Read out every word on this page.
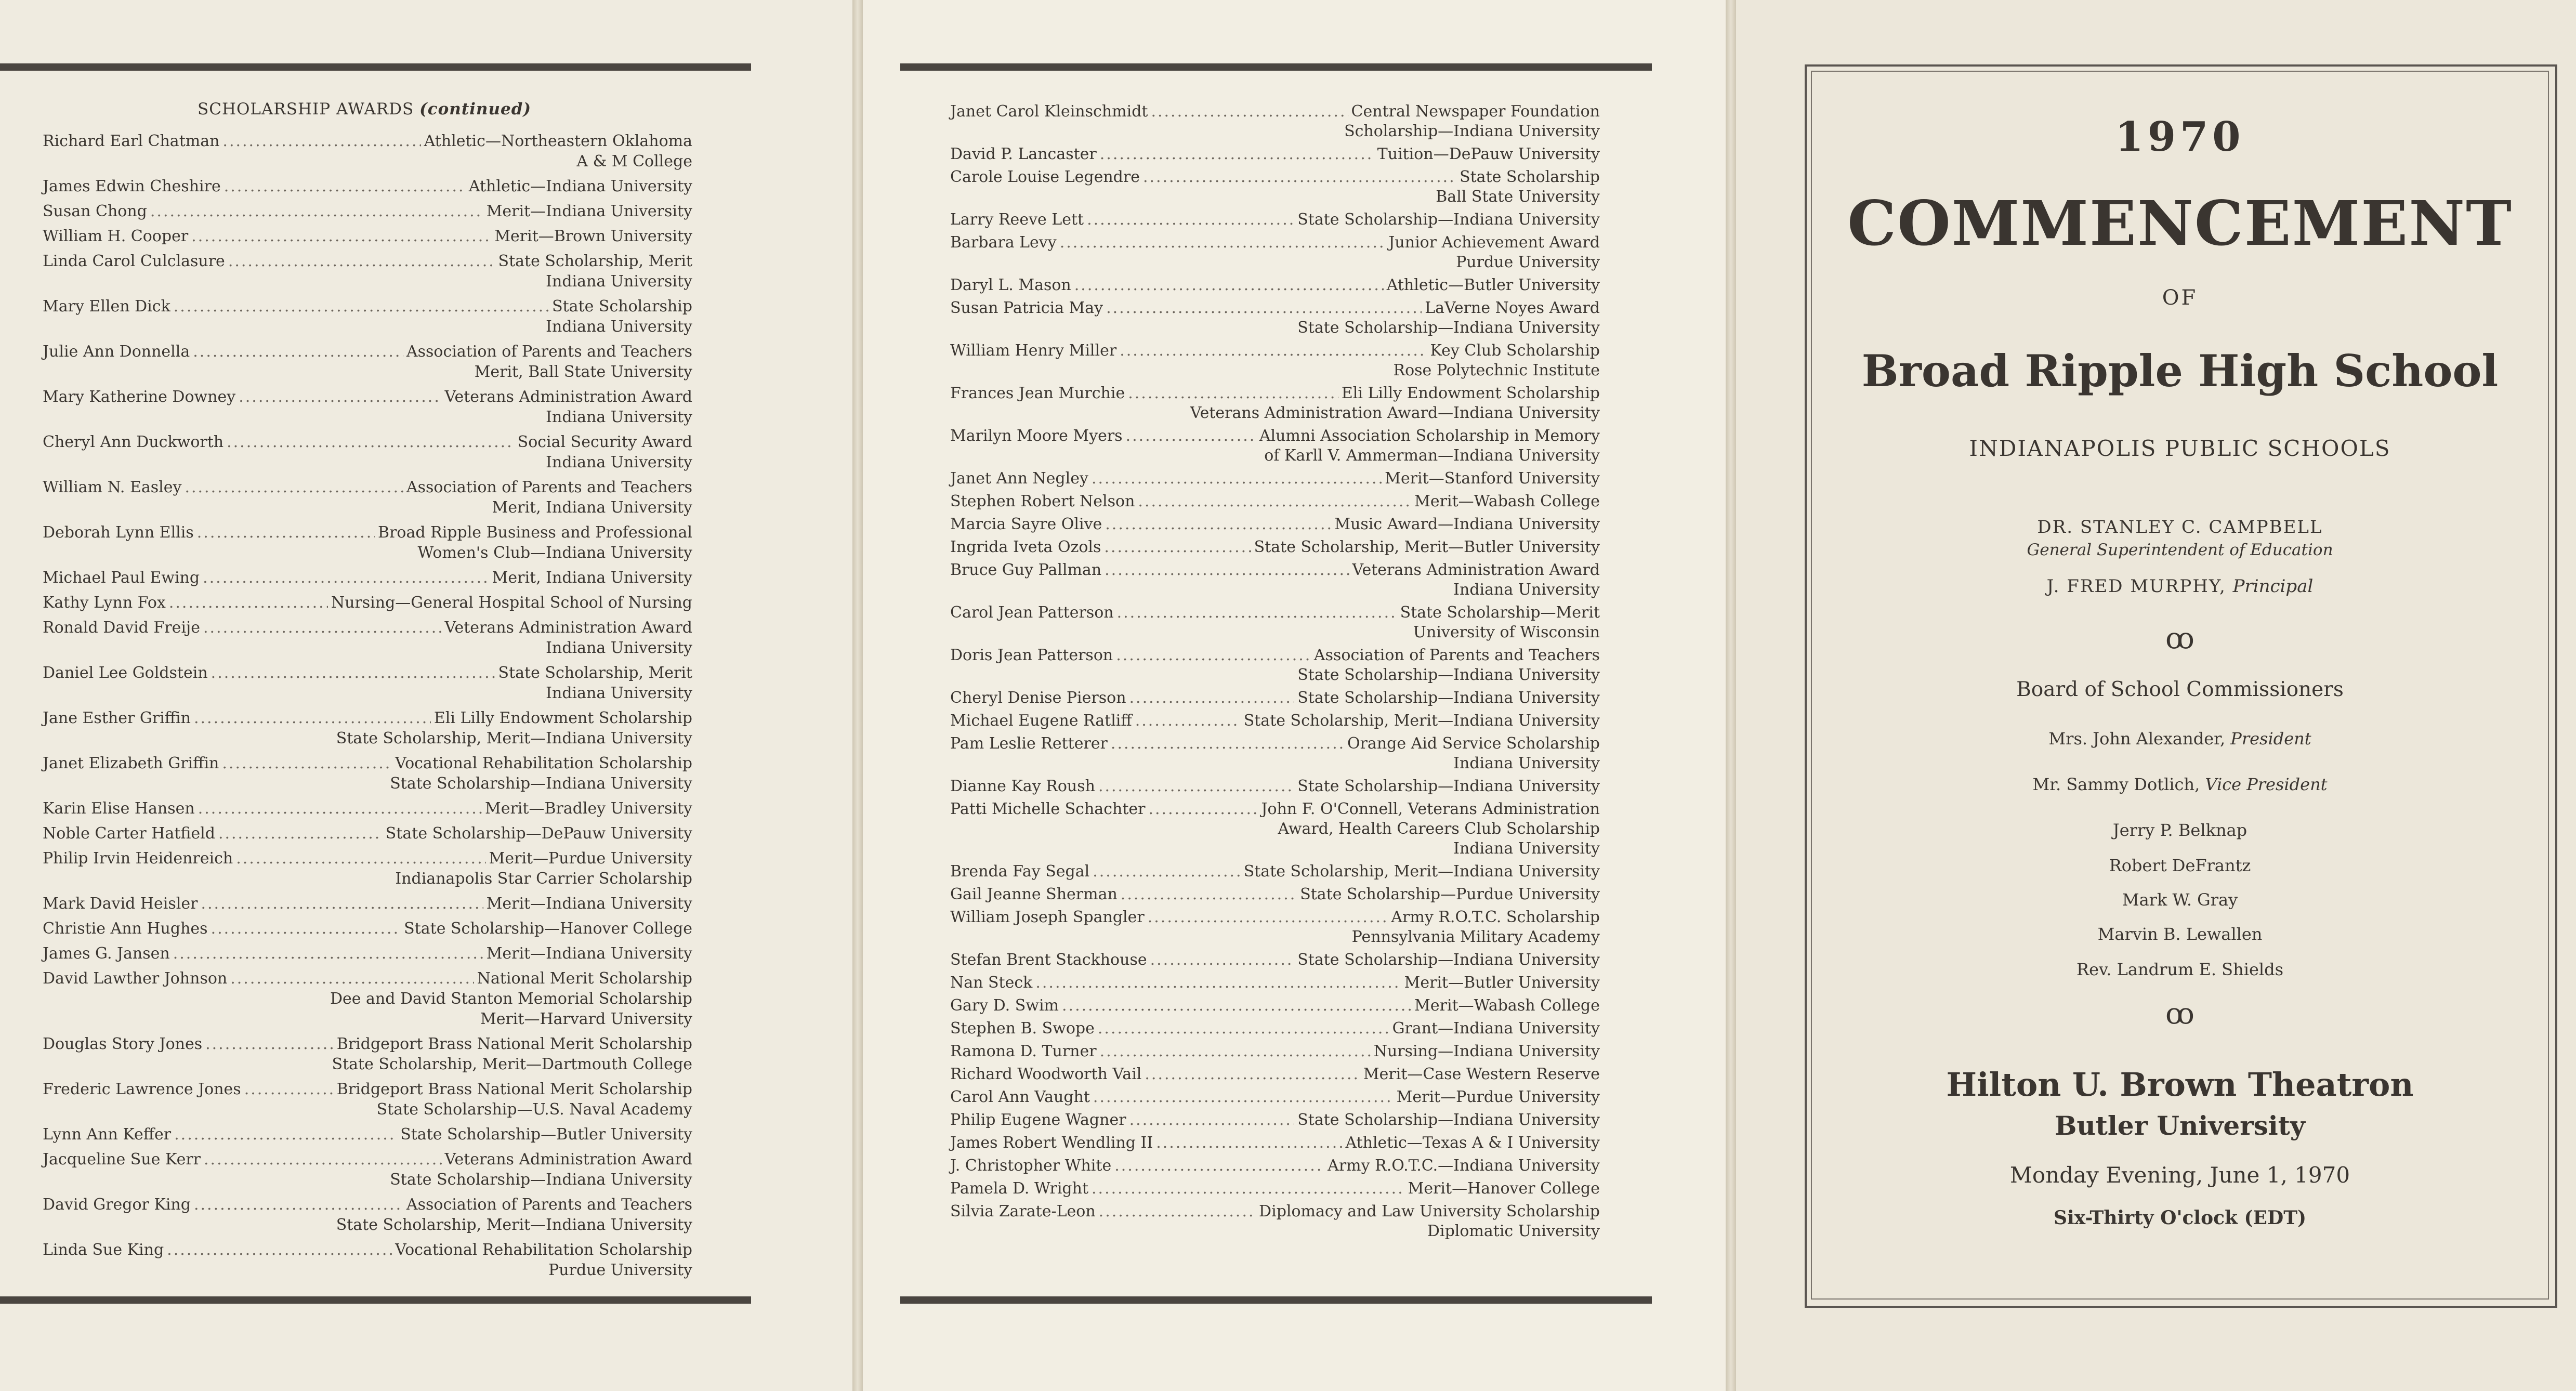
SCHOLARSHIP AWARDS (continued)
Richard Earl Chatman .....	Athletic—Northeastern Oklahoma
A & M College
James Edwin Cheshire .....	Athletic—Indiana University
Susan Chong .....	Merit—Indiana University
William H. Cooper .....	Merit—Brown University
Linda Carol Culclasure .....	State Scholarship, Merit
Indiana University
Mary Ellen Dick .....	State Scholarship
Indiana University
Julie Ann Donnella .....	Association of Parents and Teachers
Merit, Ball State University
Mary Katherine Downey .....	Veterans Administration Award
Indiana University
Cheryl Ann Duckworth .....	Social Security Award
Indiana University
William N. Easley .....	Association of Parents and Teachers
Merit, Indiana University
Deborah Lynn Ellis .....	Broad Ripple Business and Professional
Women's Club—Indiana University
Michael Paul Ewing .....	Merit, Indiana University
Kathy Lynn Fox .....	Nursing—General Hospital School of Nursing
Ronald David Freije .....	Veterans Administration Award
Indiana University
Daniel Lee Goldstein .....	State Scholarship, Merit
Indiana University
Jane Esther Griffin .....	Eli Lilly Endowment Scholarship
State Scholarship, Merit—Indiana University
Janet Elizabeth Griffin .....	Vocational Rehabilitation Scholarship
State Scholarship—Indiana University
Karin Elise Hansen .....	Merit—Bradley University
Noble Carter Hatfield .....	State Scholarship—DePauw University
Philip Irvin Heidenreich .....	Merit—Purdue University
Indianapolis Star Carrier Scholarship
Mark David Heisler .....	Merit—Indiana University
Christie Ann Hughes .....	State Scholarship—Hanover College
James G. Jansen .....	Merit—Indiana University
David Lawther Johnson .....	National Merit Scholarship
Dee and David Stanton Memorial Scholarship
Merit—Harvard University
Douglas Story Jones .....	Bridgeport Brass National Merit Scholarship
State Scholarship, Merit—Dartmouth College
Frederic Lawrence Jones .....	Bridgeport Brass National Merit Scholarship
State Scholarship—U.S. Naval Academy
Lynn Ann Keffer .....	State Scholarship—Butler University
Jacqueline Sue Kerr .....	Veterans Administration Award
State Scholarship—Indiana University
David Gregor King .....	Association of Parents and Teachers
State Scholarship, Merit—Indiana University
Linda Sue King .....	Vocational Rehabilitation Scholarship
Purdue University
Janet Carol Kleinschmidt .....	Central Newspaper Foundation
Scholarship—Indiana University
David P. Lancaster .....	Tuition—DePauw University
Carole Louise Legendre .....	State Scholarship
Ball State University
Larry Reeve Lett .....	State Scholarship—Indiana University
Barbara Levy .....	Junior Achievement Award
Purdue University
Daryl L. Mason .....	Athletic—Butler University
Susan Patricia May .....	LaVerne Noyes Award
State Scholarship—Indiana University
William Henry Miller .....	Key Club Scholarship
Rose Polytechnic Institute
Frances Jean Murchie .....	Eli Lilly Endowment Scholarship
Veterans Administration Award—Indiana University
Marilyn Moore Myers .....	Alumni Association Scholarship in Memory
of Karll V. Ammerman—Indiana University
Janet Ann Negley .....	Merit—Stanford University
Stephen Robert Nelson .....	Merit—Wabash College
Marcia Sayre Olive .....	Music Award—Indiana University
Ingrida Iveta Ozols .....	State Scholarship, Merit—Butler University
Bruce Guy Pallman .....	Veterans Administration Award
Indiana University
Carol Jean Patterson .....	State Scholarship—Merit
University of Wisconsin
Doris Jean Patterson .....	Association of Parents and Teachers
State Scholarship—Indiana University
Cheryl Denise Pierson .....	State Scholarship—Indiana University
Michael Eugene Ratliff .....	State Scholarship, Merit—Indiana University
Pam Leslie Retterer .....	Orange Aid Service Scholarship
Indiana University
Dianne Kay Roush .....	State Scholarship—Indiana University
Patti Michelle Schachter .....	John F. O'Connell, Veterans Administration
Award, Health Careers Club Scholarship
Indiana University
Brenda Fay Segal .....	State Scholarship, Merit—Indiana University
Gail Jeanne Sherman .....	State Scholarship—Purdue University
William Joseph Spangler .....	Army R.O.T.C. Scholarship
Pennsylvania Military Academy
Stefan Brent Stackhouse .....	State Scholarship—Indiana University
Nan Steck .....	Merit—Butler University
Gary D. Swim .....	Merit—Wabash College
Stephen B. Swope .....	Grant—Indiana University
Ramona D. Turner .....	Nursing—Indiana University
Richard Woodworth Vail .....	Merit—Case Western Reserve
Carol Ann Vaught .....	Merit—Purdue University
Philip Eugene Wagner .....	State Scholarship—Indiana University
James Robert Wendling II .....	Athletic—Texas A & I University
J. Christopher White .....	Army R.O.T.C.—Indiana University
Pamela D. Wright .....	Merit—Hanover College
Silvia Zarate-Leon .....	Diplomacy and Law University Scholarship
Diplomatic University
1970
COMMENCEMENT
OF
Broad Ripple High School
INDIANAPOLIS PUBLIC SCHOOLS
DR. STANLEY C. CAMPBELL
General Superintendent of Education
J. FRED MURPHY, Principal
ꝏ
Board of School Commissioners
Mrs. John Alexander, President
Mr. Sammy Dotlich, Vice President
Jerry P. Belknap
Robert DeFrantz
Mark W. Gray
Marvin B. Lewallen
Rev. Landrum E. Shields
ꝏ
Hilton U. Brown Theatron
Butler University
Monday Evening, June 1, 1970
Six-Thirty O'clock (EDT)
